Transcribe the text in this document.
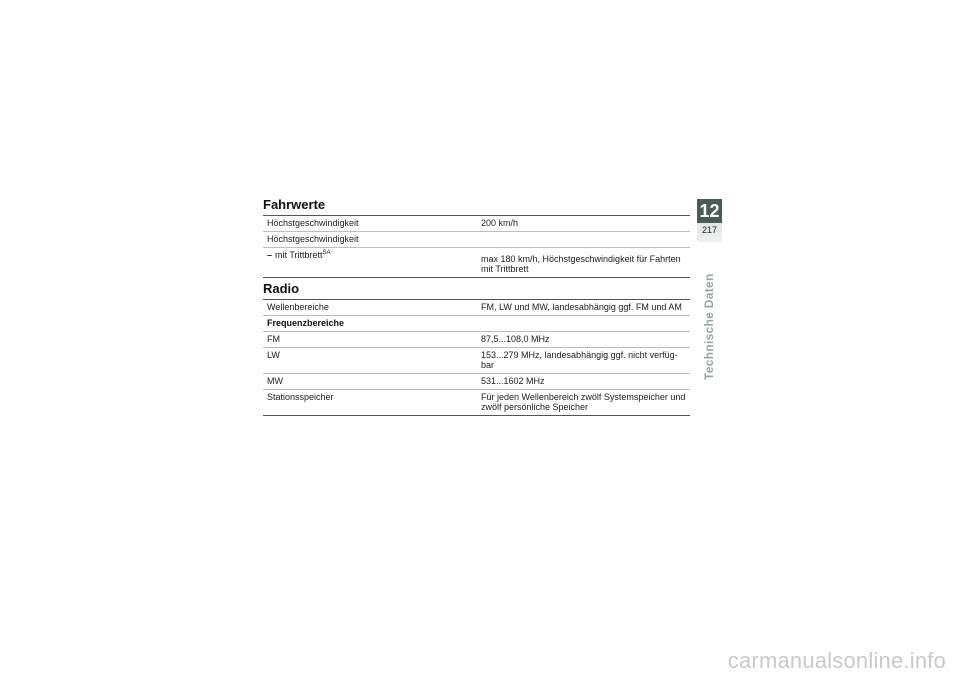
Fahrwerte
Höchstgeschwindigkeit	200 km/h
Höchstgeschwindigkeit	
– mit Trittbrett$^{SA}$	max 180 km/h, Höchstgeschwindigkeit für Fahrten mit Trittbrett
Radio
Wellenbereiche	FM, LW und MW, landesabhängig ggf. FM und AM
Frequenzbereiche	
FM	87,5...108,0 MHz
LW	153...279 MHz, landesabhängig ggf. nicht verfüg-bar
MW	531...1602 MHz
Stationsspeicher	Für jeden Wellenbereich zwölf Systemspeicher und zwölf persönliche Speicher
12
217
Technische Daten
carmanualsonline.info
